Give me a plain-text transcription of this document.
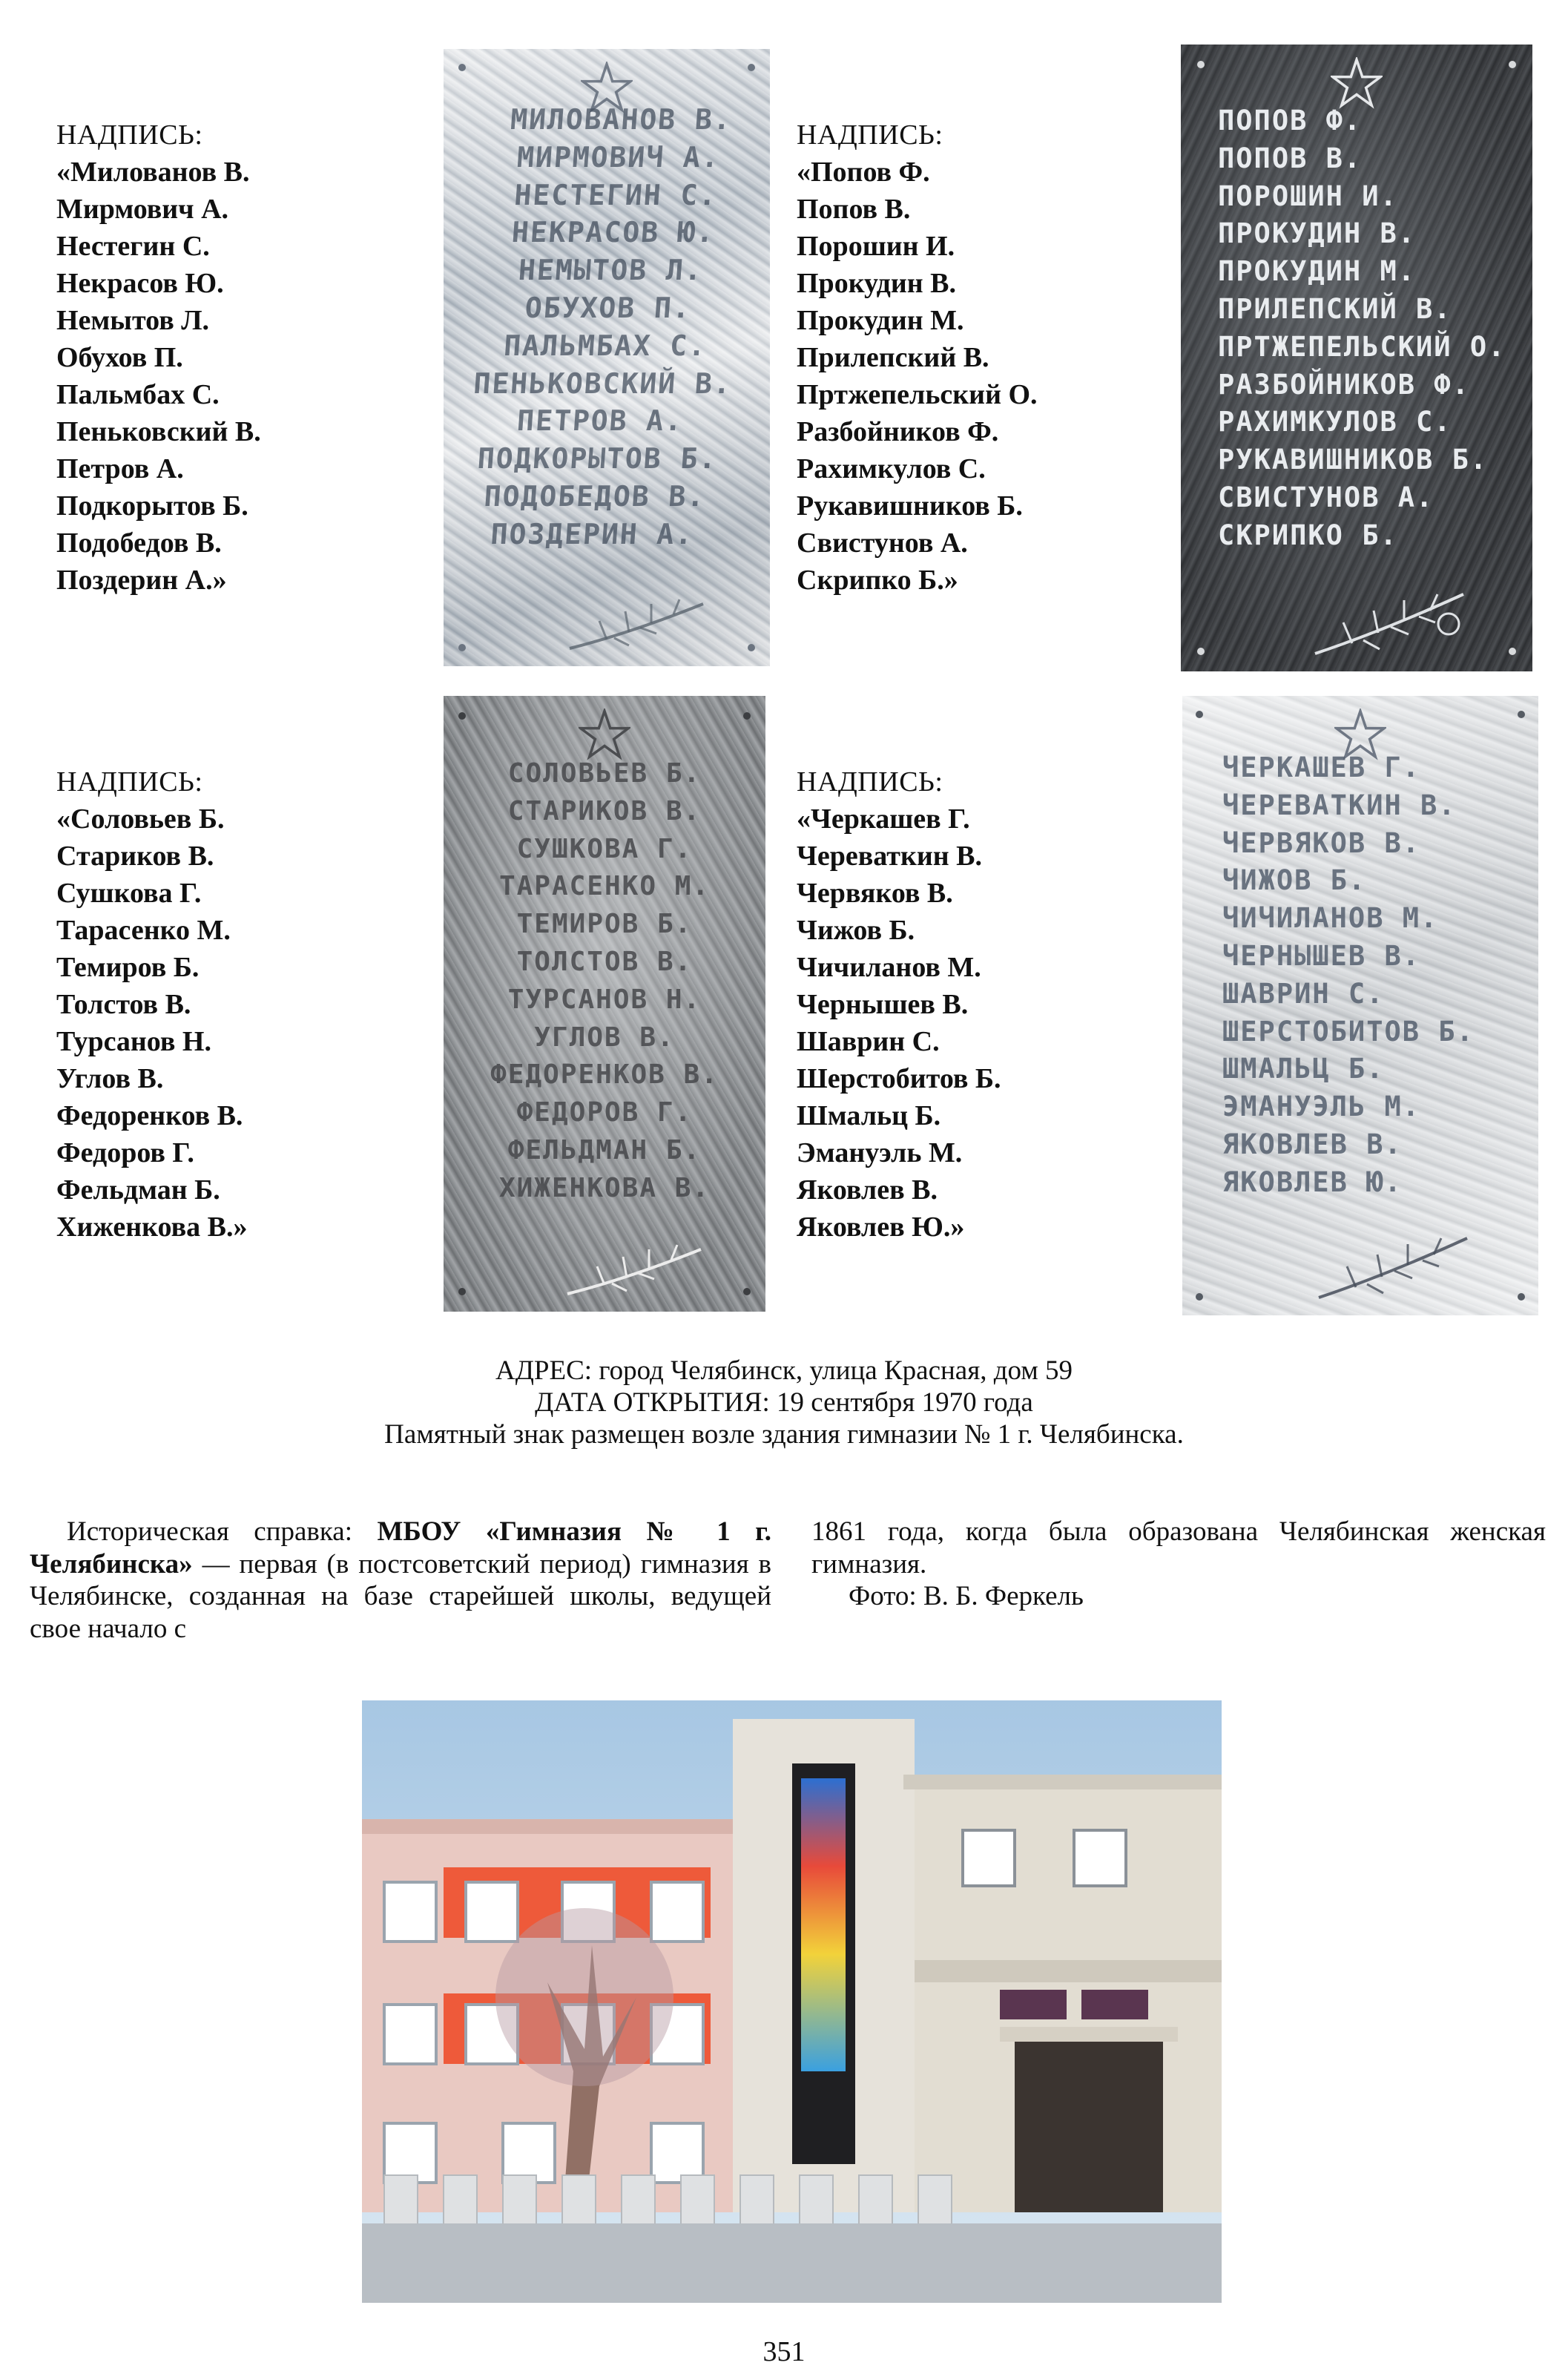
НАДПИСЬ:
«Милованов В.
Мирмович А.
Нестегин С.
Некрасов Ю.
Немытов Л.
Обухов П.
Пальмбах С.
Пеньковский В.
Петров А.
Подкорытов Б.
Подобедов В.
Поздерин А.»
МИЛОВАНОВ В.
МИРМОВИЧ А.
НЕСТЕГИН С.
НЕКРАСОВ Ю.
НЕМЫТОВ Л.
ОБУХОВ П.
ПАЛЬМБАХ С.
ПЕНЬКОВСКИЙ В.
ПЕТРОВ А.
ПОДКОРЫТОВ Б.
ПОДОБЕДОВ В.
ПОЗДЕРИН А.
НАДПИСЬ:
«Попов Ф.
Попов В.
Порошин И.
Прокудин В.
Прокудин М.
Прилепский В.
Пртжепельский О.
Разбойников Ф.
Рахимкулов С.
Рукавишников Б.
Свистунов А.
Скрипко Б.»
ПОПОВ Ф.
ПОПОВ В.
ПОРОШИН И.
ПРОКУДИН В.
ПРОКУДИН М.
ПРИЛЕПСКИЙ В.
ПРТЖЕПЕЛЬСКИЙ О.
РАЗБОЙНИКОВ Ф.
РАХИМКУЛОВ С.
РУКАВИШНИКОВ Б.
СВИСТУНОВ А.
СКРИПКО Б.
НАДПИСЬ:
«Соловьев Б.
Стариков В.
Сушкова Г.
Тарасенко М.
Темиров Б.
Толстов В.
Турсанов Н.
Углов В.
Федоренков В.
Федоров Г.
Фельдман Б.
Хиженкова В.»
СОЛОВЬЕВ Б.
СТАРИКОВ В.
СУШКОВА Г.
ТАРАСЕНКО М.
ТЕМИРОВ Б.
ТОЛСТОВ В.
ТУРСАНОВ Н.
УГЛОВ В.
ФЕДОРЕНКОВ В.
ФЕДОРОВ Г.
ФЕЛЬДМАН Б.
ХИЖЕНКОВА В.
НАДПИСЬ:
«Черкашев Г.
Череваткин В.
Червяков В.
Чижов Б.
Чичиланов М.
Чернышев В.
Шаврин С.
Шерстобитов Б.
Шмальц Б.
Эмануэль М.
Яковлев В.
Яковлев Ю.»
ЧЕРКАШЕВ Г.
ЧЕРЕВАТКИН В.
ЧЕРВЯКОВ В.
ЧИЖОВ Б.
ЧИЧИЛАНОВ М.
ЧЕРНЫШЕВ В.
ШАВРИН С.
ШЕРСТОБИТОВ Б.
ШМАЛЬЦ Б.
ЭМАНУЭЛЬ М.
ЯКОВЛЕВ В.
ЯКОВЛЕВ Ю.
АДРЕС: город Челябинск, улица Красная, дом 59
ДАТА ОТКРЫТИЯ: 19 сентября 1970 года
Памятный знак размещен возле здания гимназии № 1 г. Челябинска.

Историческая справка: МБОУ «Гимназия № 1 г. Челябинска» — первая (в постсоветский период) гимназия в Челябинске, созданная на базе старейшей школы, ведущей свое начало с

1861 года, когда была образована Челябинская женская гимназия.

Фото: В. Б. Феркель

351
